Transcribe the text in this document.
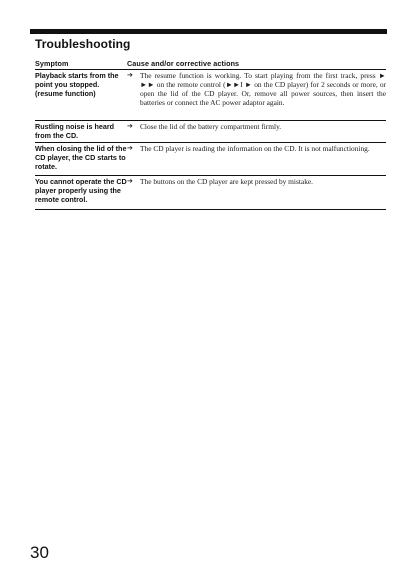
Troubleshooting
Symptom	Cause and/or corrective actions
Playback starts from the point you stopped. (resume function)
➔ The resume function is working. To start playing from the first track, press ► ►► on the remote control (►►I ► on the CD player) for 2 seconds or more, or open the lid of the CD player. Or, remove all power sources, then insert the batteries or connect the AC power adaptor again.
Rustling noise is heard from the CD.
➔ Close the lid of the battery compartment firmly.
When closing the lid of the CD player, the CD starts to rotate.
➔ The CD player is reading the information on the CD. It is not malfunctioning.
You cannot operate the CD player properly using the remote control.
➔ The buttons on the CD player are kept pressed by mistake.
30
